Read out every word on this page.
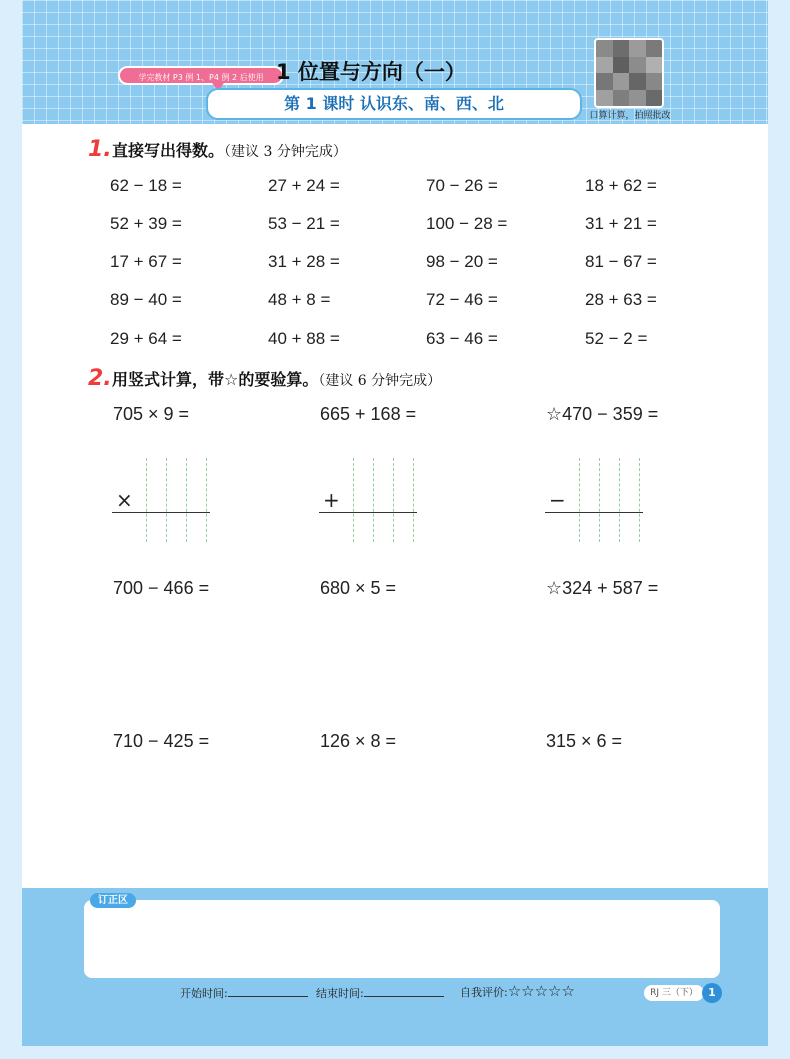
学完教材 P3 例 1、P4 例 2 后使用 1 位置与方向（一）
第 1 课时 认识东、南、西、北
口算计算，拍照批改
1. 直接写出得数。（建议 3 分钟完成）
62 − 18 =	27 + 24 =	70 − 26 =	18 + 62 =
52 + 39 =	53 − 21 =	100 − 28 =	31 + 21 =
17 + 67 =	31 + 28 =	98 − 20 =	81 − 67 =
89 − 40 =	48 + 8 =	72 − 46 =	28 + 63 =
29 + 64 =	40 + 88 =	63 − 46 =	52 − 2 =
2. 用竖式计算，带☆的要验算。（建议 6 分钟完成）
705 × 9 =	665 + 168 =	☆470 − 359 =
×	+	−
700 − 466 =	680 × 5 =	☆324 + 587 =
710 − 425 =	126 × 8 =	315 × 6 =
订正区
开始时间:	结束时间:	自我评价:☆☆☆☆☆	RJ 三（下） 1
